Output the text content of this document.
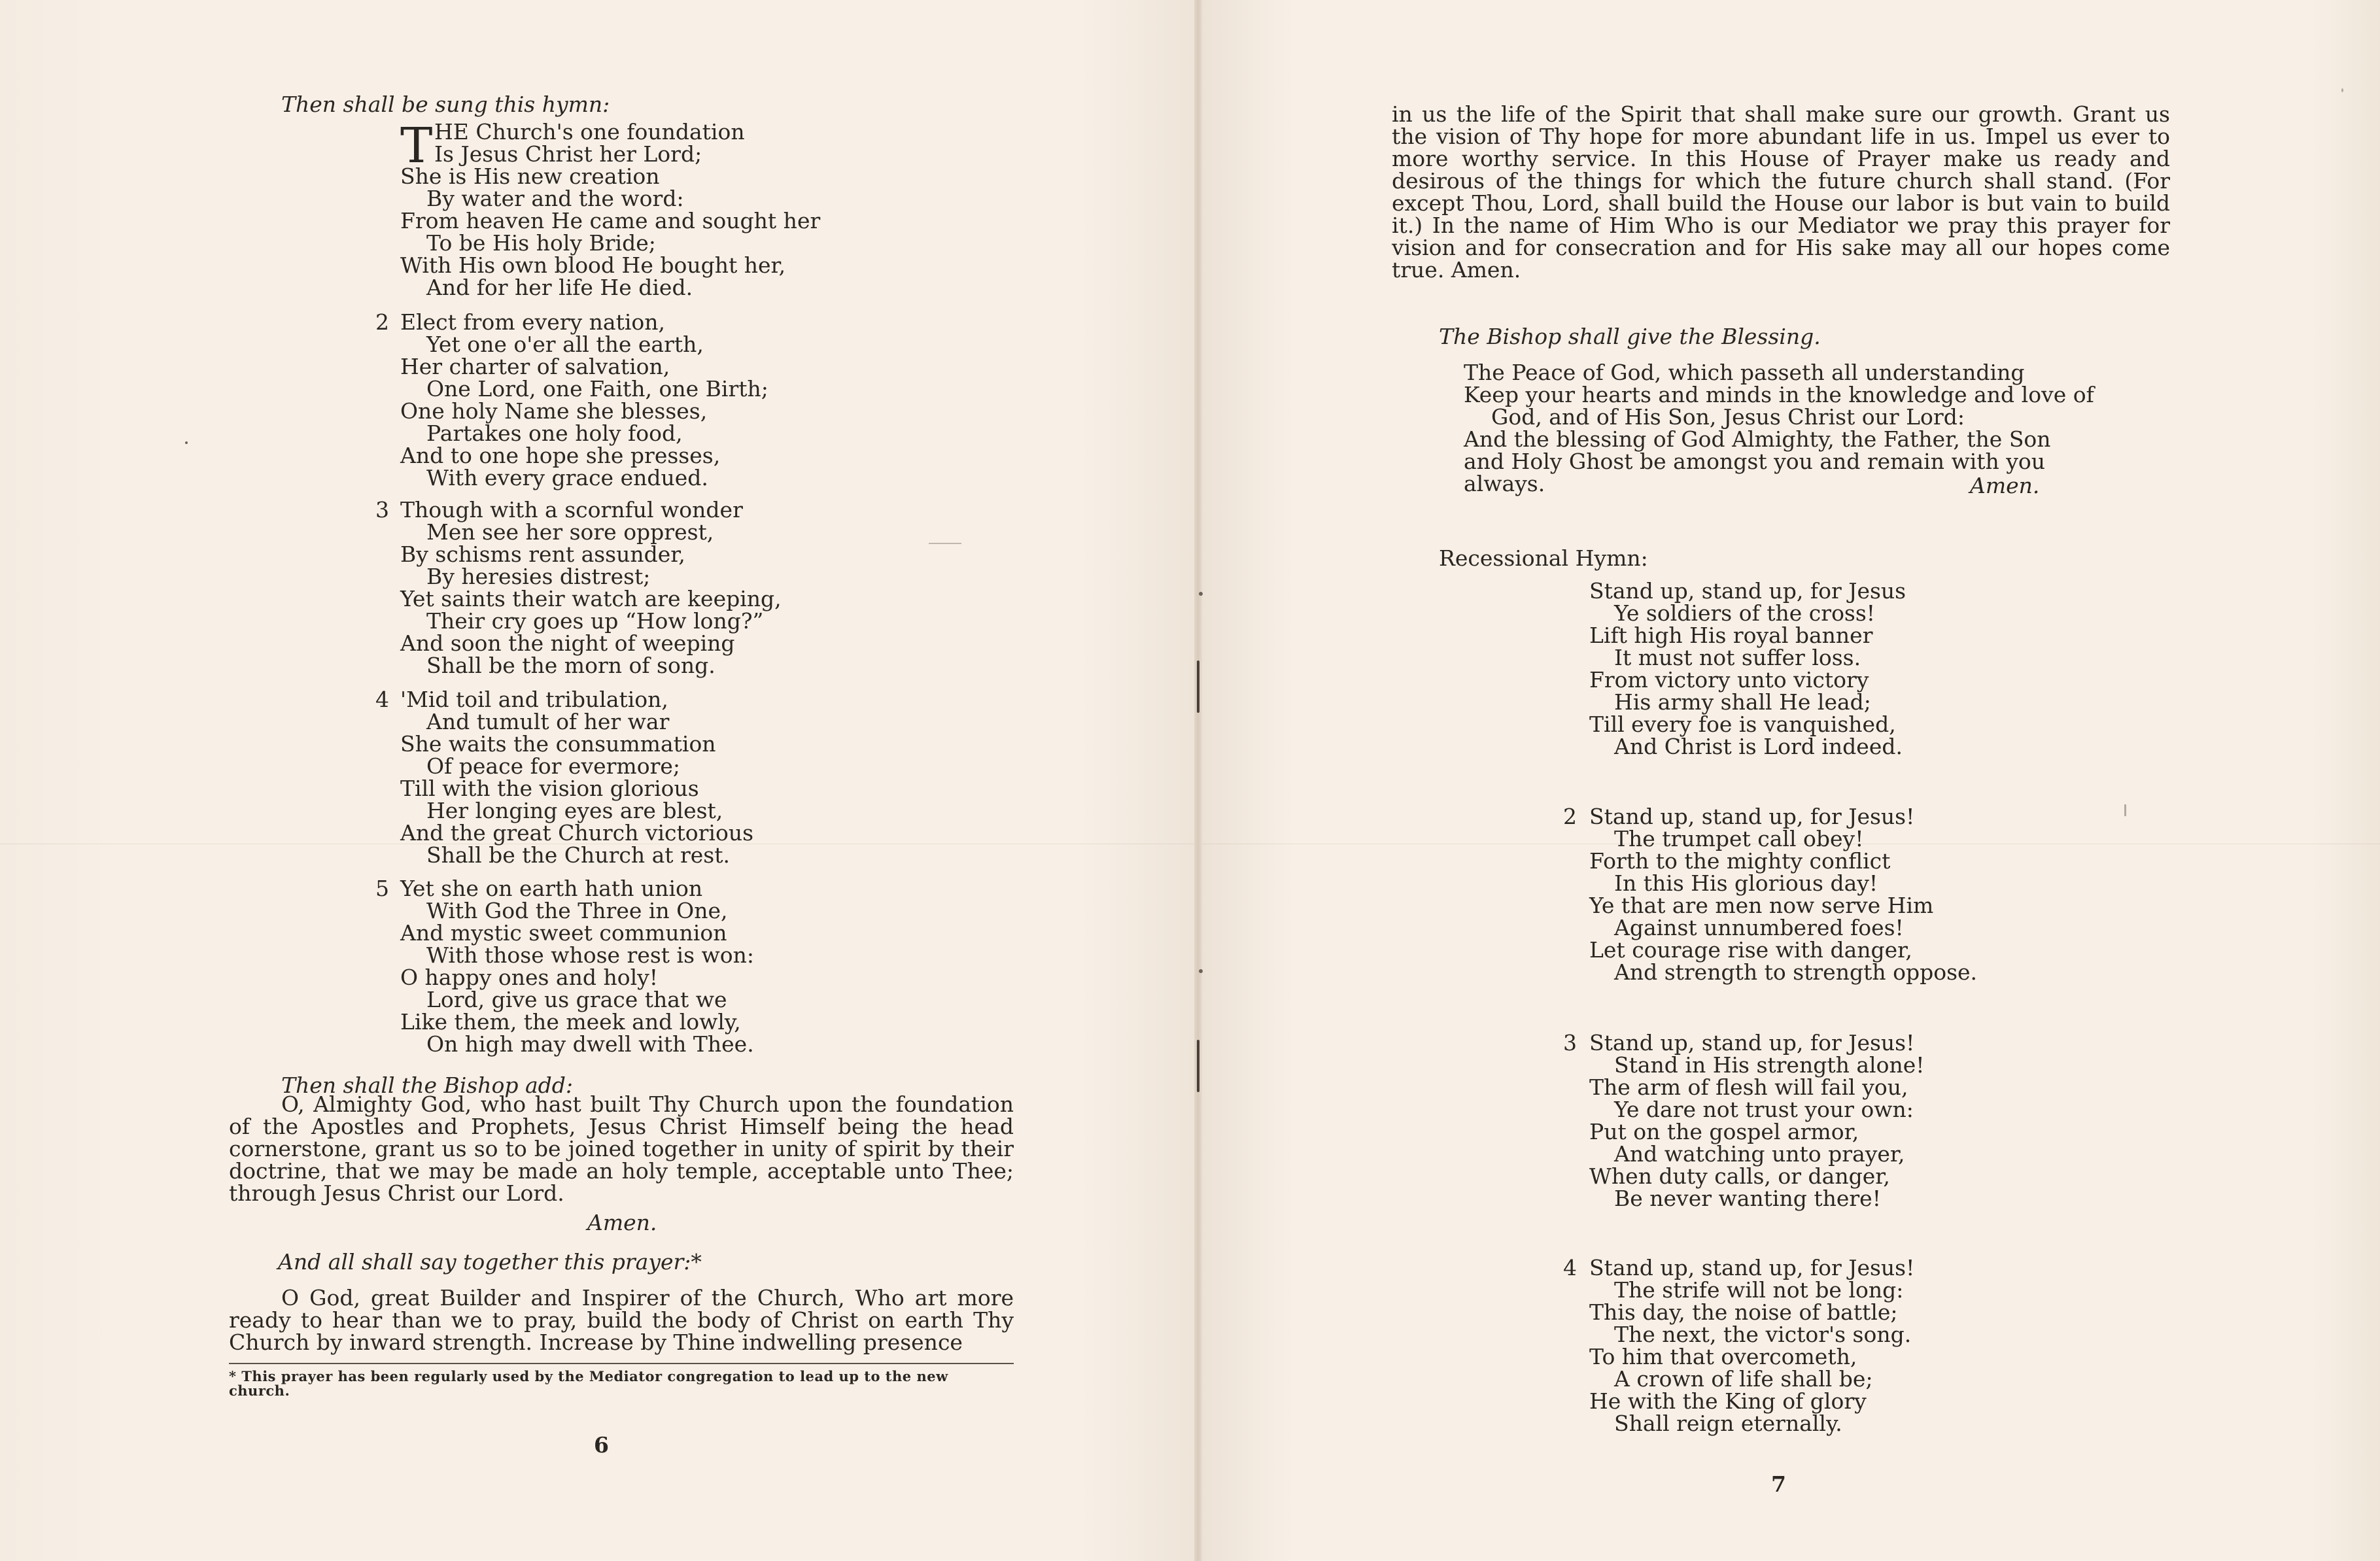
Then shall be sung this hymn:
T HE Church's one foundation
Is Jesus Christ her Lord;
She is His new creation
By water and the word:
From heaven He came and sought her
To be His holy Bride;
With His own blood He bought her,
And for her life He died.
2 Elect from every nation,
Yet one o'er all the earth,
Her charter of salvation,
One Lord, one Faith, one Birth;
One holy Name she blesses,
Partakes one holy food,
And to one hope she presses,
With every grace endued.
3 Though with a scornful wonder
Men see her sore opprest,
By schisms rent assunder,
By heresies distrest;
Yet saints their watch are keeping,
Their cry goes up “How long?”
And soon the night of weeping
Shall be the morn of song.
4 'Mid toil and tribulation,
And tumult of her war
She waits the consummation
Of peace for evermore;
Till with the vision glorious
Her longing eyes are blest,
And the great Church victorious
Shall be the Church at rest.
5 Yet she on earth hath union
With God the Three in One,
And mystic sweet communion
With those whose rest is won:
O happy ones and holy!
Lord, give us grace that we
Like them, the meek and lowly,
On high may dwell with Thee.
Then shall the Bishop add:
O, Almighty God, who hast built Thy Church upon the foundation of the Apostles and Prophets, Jesus Christ Himself being the head cornerstone, grant us so to be joined together in unity of spirit by their doctrine, that we may be made an holy temple, acceptable unto Thee; through Jesus Christ our Lord.
Amen.
And all shall say together this prayer:*
O God, great Builder and Inspirer of the Church, Who art more ready to hear than we to pray, build the body of Christ on earth Thy Church by inward strength. Increase by Thine indwelling presence
* This prayer has been regularly used by the Mediator congregation to lead up to the new church.
6
in us the life of the Spirit that shall make sure our growth. Grant us the vision of Thy hope for more abundant life in us. Impel us ever to more worthy service. In this House of Prayer make us ready and desirous of the things for which the future church shall stand. (For except Thou, Lord, shall build the House our labor is but vain to build it.) In the name of Him Who is our Mediator we pray this prayer for vision and for consecration and for His sake may all our hopes come true. Amen.
The Bishop shall give the Blessing.
The Peace of God, which passeth all understanding
Keep your hearts and minds in the knowledge and love of
God, and of His Son, Jesus Christ our Lord:
And the blessing of God Almighty, the Father, the Son
and Holy Ghost be amongst you and remain with you
always.	Amen.
Recessional Hymn:
Stand up, stand up, for Jesus
Ye soldiers of the cross!
Lift high His royal banner
It must not suffer loss.
From victory unto victory
His army shall He lead;
Till every foe is vanquished,
And Christ is Lord indeed.
2 Stand up, stand up, for Jesus!
The trumpet call obey!
Forth to the mighty conflict
In this His glorious day!
Ye that are men now serve Him
Against unnumbered foes!
Let courage rise with danger,
And strength to strength oppose.
3 Stand up, stand up, for Jesus!
Stand in His strength alone!
The arm of flesh will fail you,
Ye dare not trust your own:
Put on the gospel armor,
And watching unto prayer,
When duty calls, or danger,
Be never wanting there!
4 Stand up, stand up, for Jesus!
The strife will not be long:
This day, the noise of battle;
The next, the victor's song.
To him that overcometh,
A crown of life shall be;
He with the King of glory
Shall reign eternally.
7
